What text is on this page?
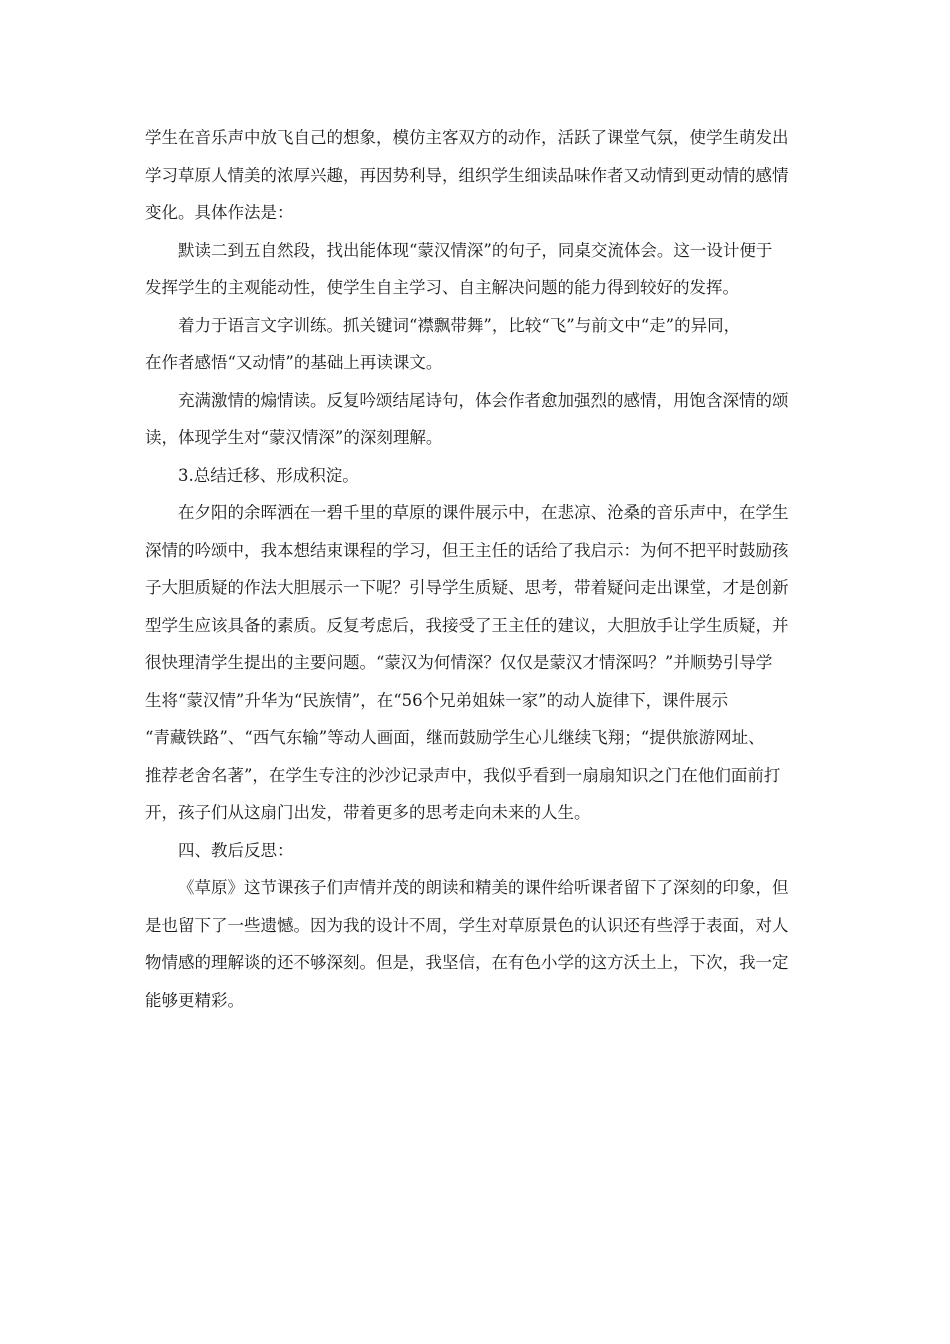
学生在音乐声中放飞自己的想象，模仿主客双方的动作，活跃了课堂气氛，使学生萌发出
学习草原人情美的浓厚兴趣，再因势利导，组织学生细读品味作者又动情到更动情的感情
变化。具体作法是：
默读二到五自然段，找出能体现“蒙汉情深”的句子，同桌交流体会。这一设计便于
发挥学生的主观能动性，使学生自主学习、自主解决问题的能力得到较好的发挥。
着力于语言文字训练。抓关键词“襟飘带舞”，比较“飞”与前文中“走”的异同，
在作者感悟“又动情”的基础上再读课文。
充满激情的煽情读。反复吟颂结尾诗句，体会作者愈加强烈的感情，用饱含深情的颂
读，体现学生对“蒙汉情深”的深刻理解。
3.总结迁移、形成积淀。
在夕阳的余晖洒在一碧千里的草原的课件展示中，在悲凉、沧桑的音乐声中，在学生
深情的吟颂中，我本想结束课程的学习，但王主任的话给了我启示：为何不把平时鼓励孩
子大胆质疑的作法大胆展示一下呢？引导学生质疑、思考，带着疑问走出课堂，才是创新
型学生应该具备的素质。反复考虑后，我接受了王主任的建议，大胆放手让学生质疑，并
很快理清学生提出的主要问题。“蒙汉为何情深？仅仅是蒙汉才情深吗？”并顺势引导学
生将“蒙汉情”升华为“民族情”，在“56个兄弟姐妹一家”的动人旋律下，课件展示
“青藏铁路”、“西气东输”等动人画面，继而鼓励学生心儿继续飞翔；“提供旅游网址、
推荐老舍名著”，在学生专注的沙沙记录声中，我似乎看到一扇扇知识之门在他们面前打
开，孩子们从这扇门出发，带着更多的思考走向未来的人生。
四、教后反思：
《草原》这节课孩子们声情并茂的朗读和精美的课件给听课者留下了深刻的印象，但
是也留下了一些遗憾。因为我的设计不周，学生对草原景色的认识还有些浮于表面，对人
物情感的理解谈的还不够深刻。但是，我坚信，在有色小学的这方沃土上，下次，我一定
能够更精彩。
